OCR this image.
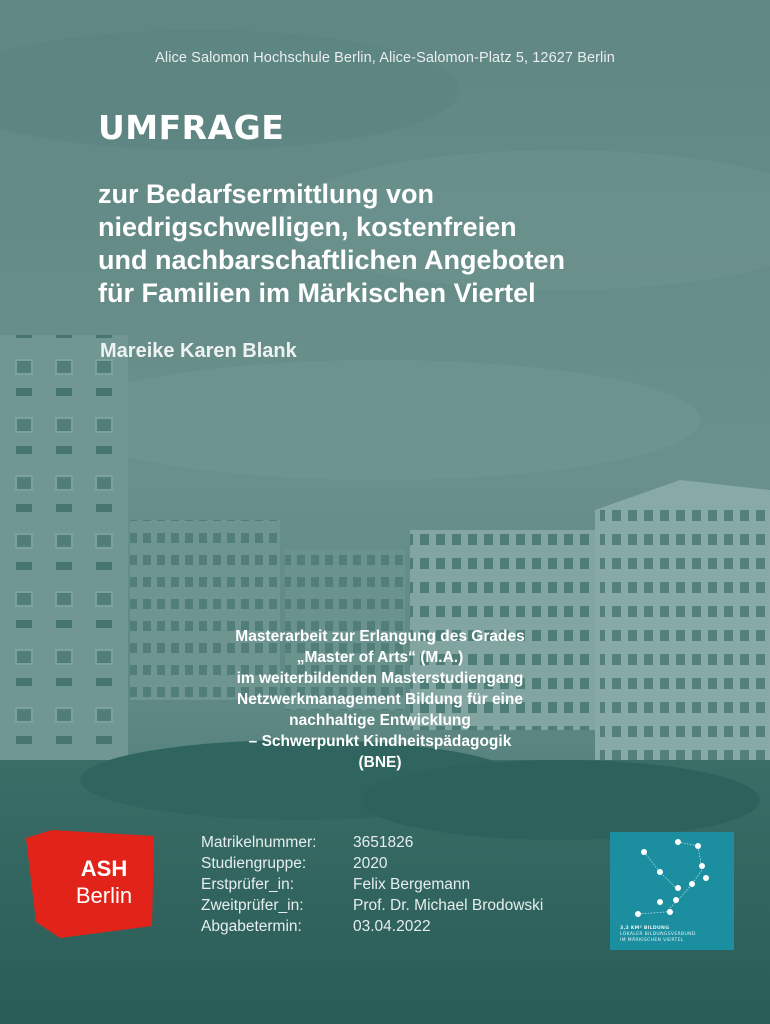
Alice Salomon Hochschule Berlin, Alice-Salomon-Platz 5, 12627 Berlin
UMFRAGE
zur Bedarfsermittlung von
niedrigschwelligen, kostenfreien
und nachbarschaftlichen Angeboten
für Familien im Märkischen Viertel
Mareike Karen Blank
Masterarbeit zur Erlangung des Grades
„Master of Arts“ (M.A.)
im weiterbildenden Masterstudiengang
Netzwerkmanagement Bildung für eine
nachhaltige Entwicklung
– Schwerpunkt Kindheitspädagogik
(BNE)
Matrikelnummer:	3651826
Studiengruppe:	2020
Erstprüfer_in:	Felix Bergemann
Zweitprüfer_in:	Prof. Dr. Michael Brodowski
Abgabetermin:	03.04.2022
ASH
Berlin
3,3 KM² BILDUNG
LOKALER BILDUNGSVERBUND
IM MÄRKISCHEN VIERTEL
